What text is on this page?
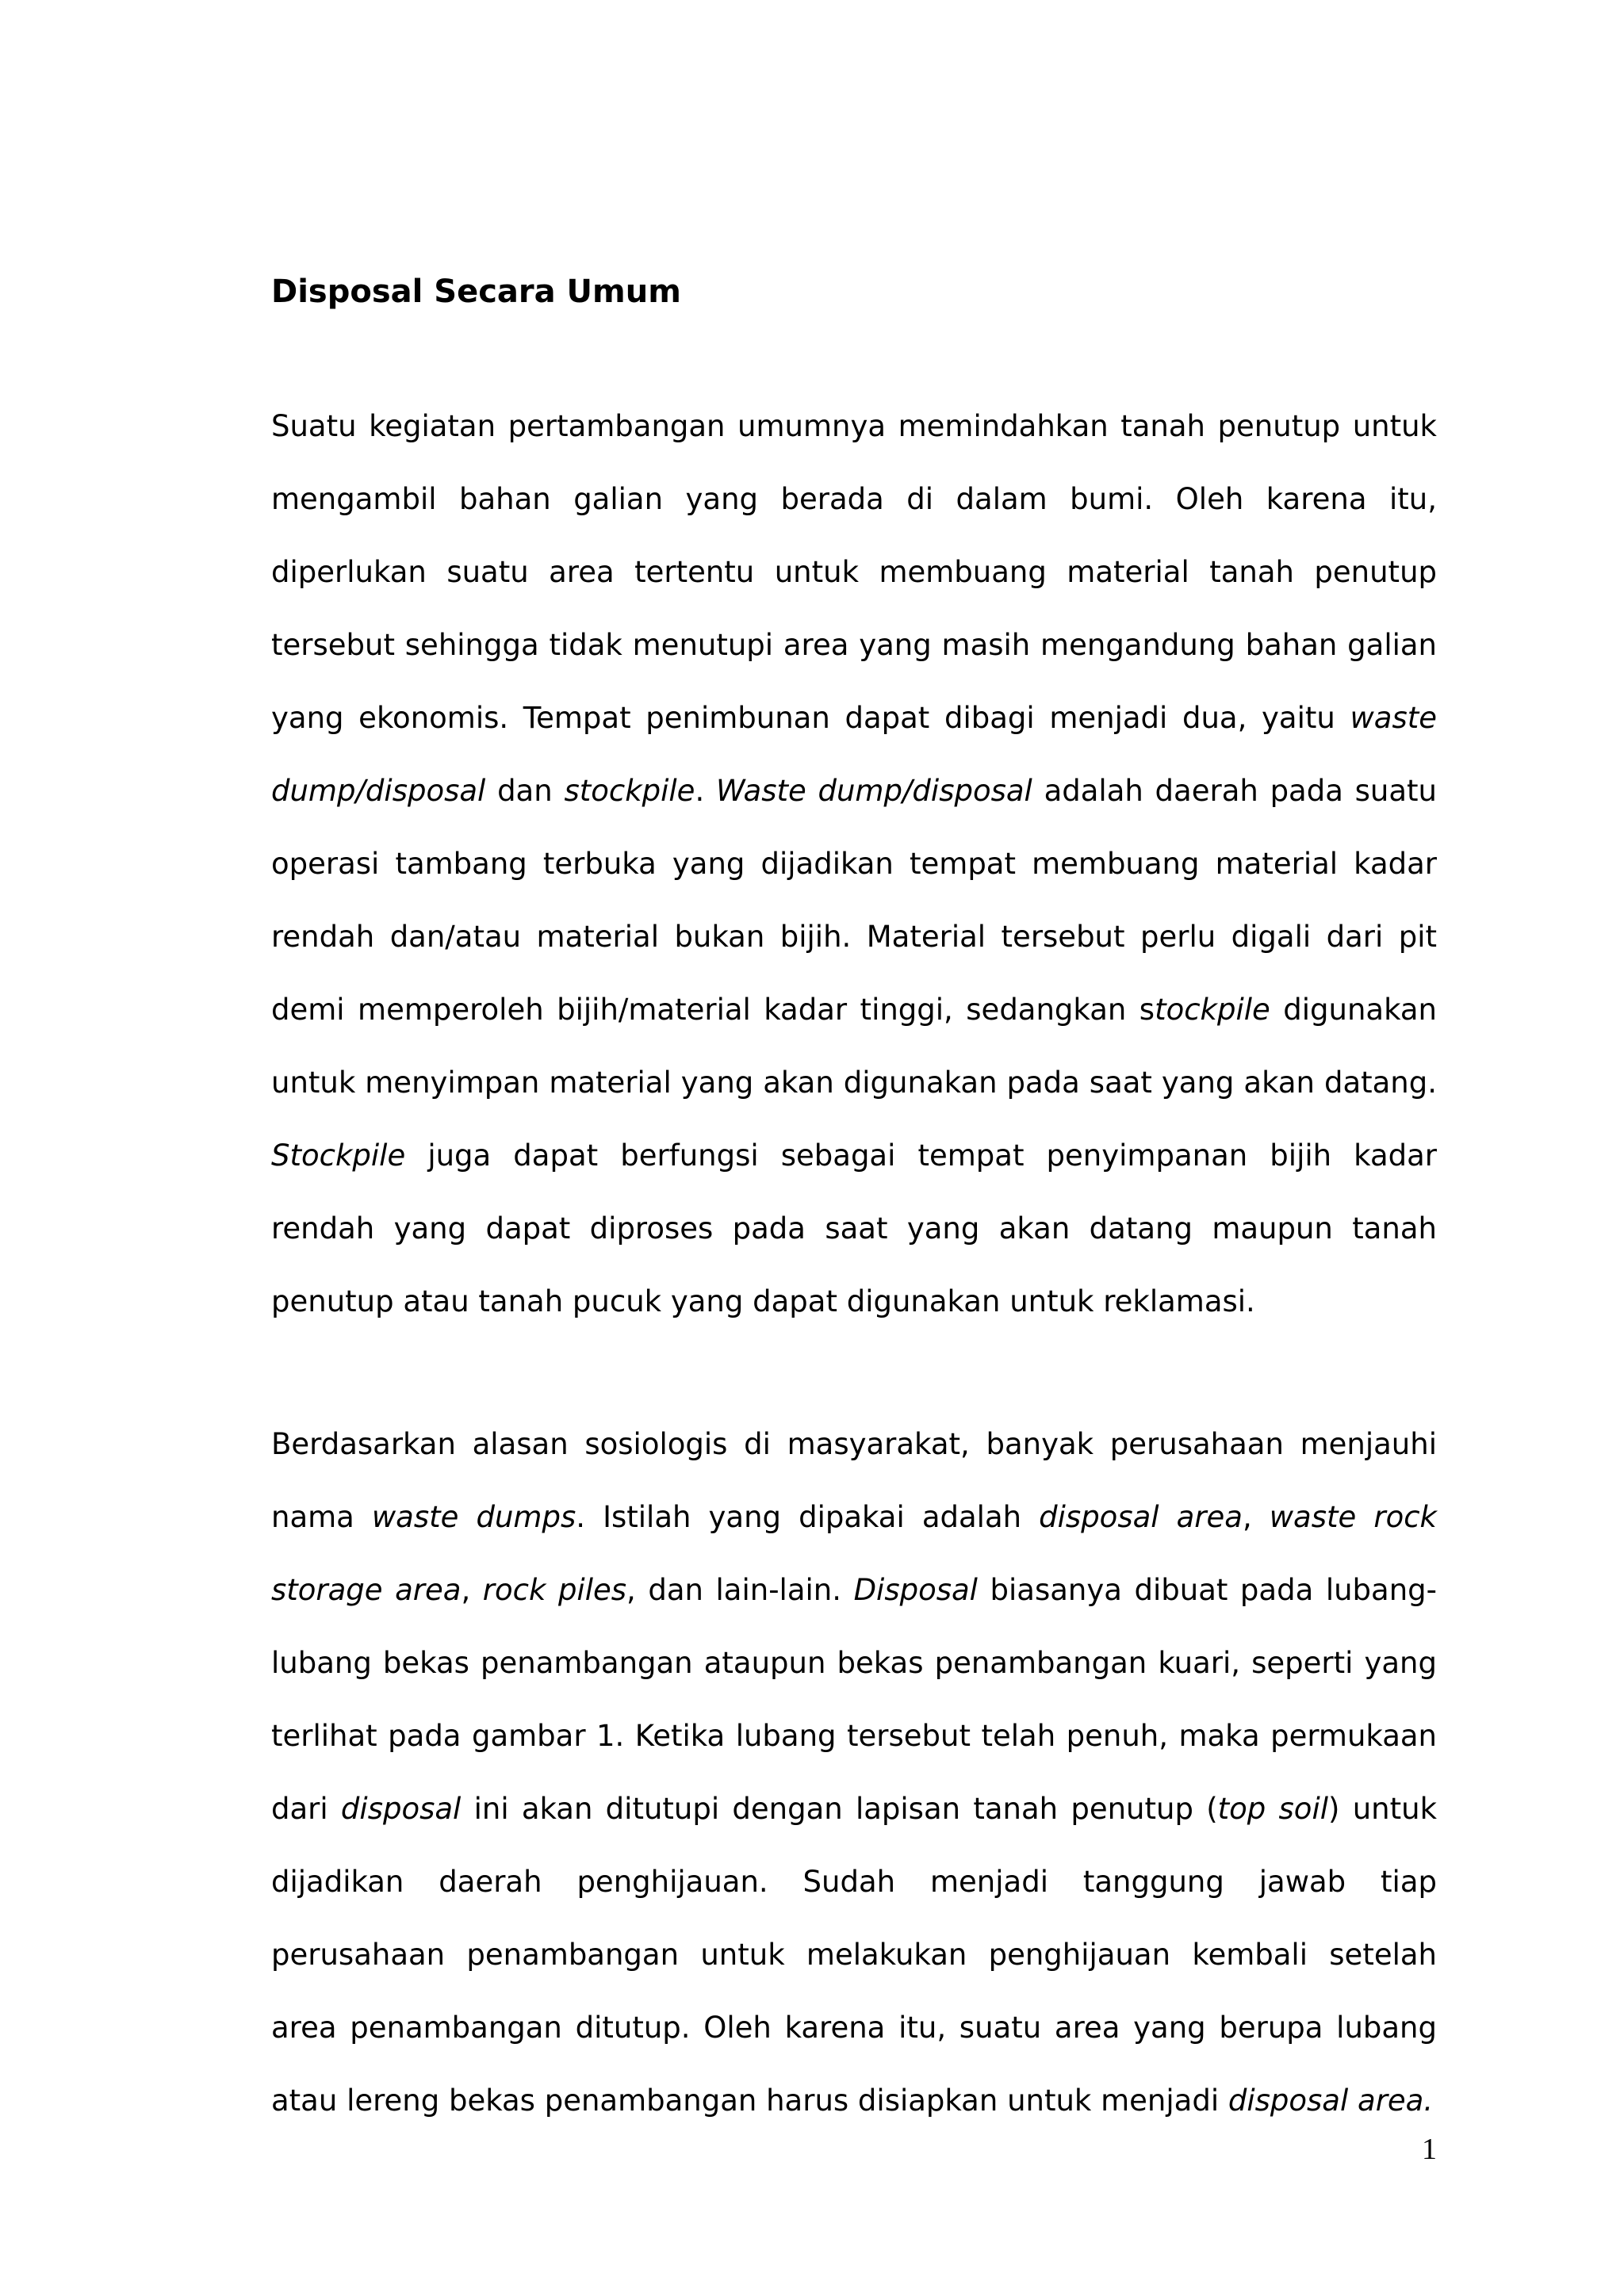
Disposal Secara Umum

Suatu kegiatan pertambangan umumnya memindahkan tanah penutup untuk mengambil bahan galian yang berada di dalam bumi. Oleh karena itu, diperlukan suatu area tertentu untuk membuang material tanah penutup tersebut sehingga tidak menutupi area yang masih mengandung bahan galian yang ekonomis. Tempat penimbunan dapat dibagi menjadi dua, yaitu waste dump/disposal dan stockpile. Waste dump/disposal adalah daerah pada suatu operasi tambang terbuka yang dijadikan tempat membuang material kadar rendah dan/atau material bukan bijih. Material tersebut perlu digali dari pit demi memperoleh bijih/material kadar tinggi, sedangkan stockpile digunakan untuk menyimpan material yang akan digunakan pada saat yang akan datang. Stockpile juga dapat berfungsi sebagai tempat penyimpanan bijih kadar rendah yang dapat diproses pada saat yang akan datang maupun tanah penutup atau tanah pucuk yang dapat digunakan untuk reklamasi.

Berdasarkan alasan sosiologis di masyarakat, banyak perusahaan menjauhi nama waste dumps. Istilah yang dipakai adalah disposal area, waste rock storage area, rock piles, dan lain-lain. Disposal biasanya dibuat pada lubang-lubang bekas penambangan ataupun bekas penambangan kuari, seperti yang terlihat pada gambar 1. Ketika lubang tersebut telah penuh, maka permukaan dari disposal ini akan ditutupi dengan lapisan tanah penutup (top soil) untuk dijadikan daerah penghijauan. Sudah menjadi tanggung jawab tiap perusahaan penambangan untuk melakukan penghijauan kembali setelah area penambangan ditutup. Oleh karena itu, suatu area yang berupa lubang atau lereng bekas penambangan harus disiapkan untuk menjadi disposal area.

1
